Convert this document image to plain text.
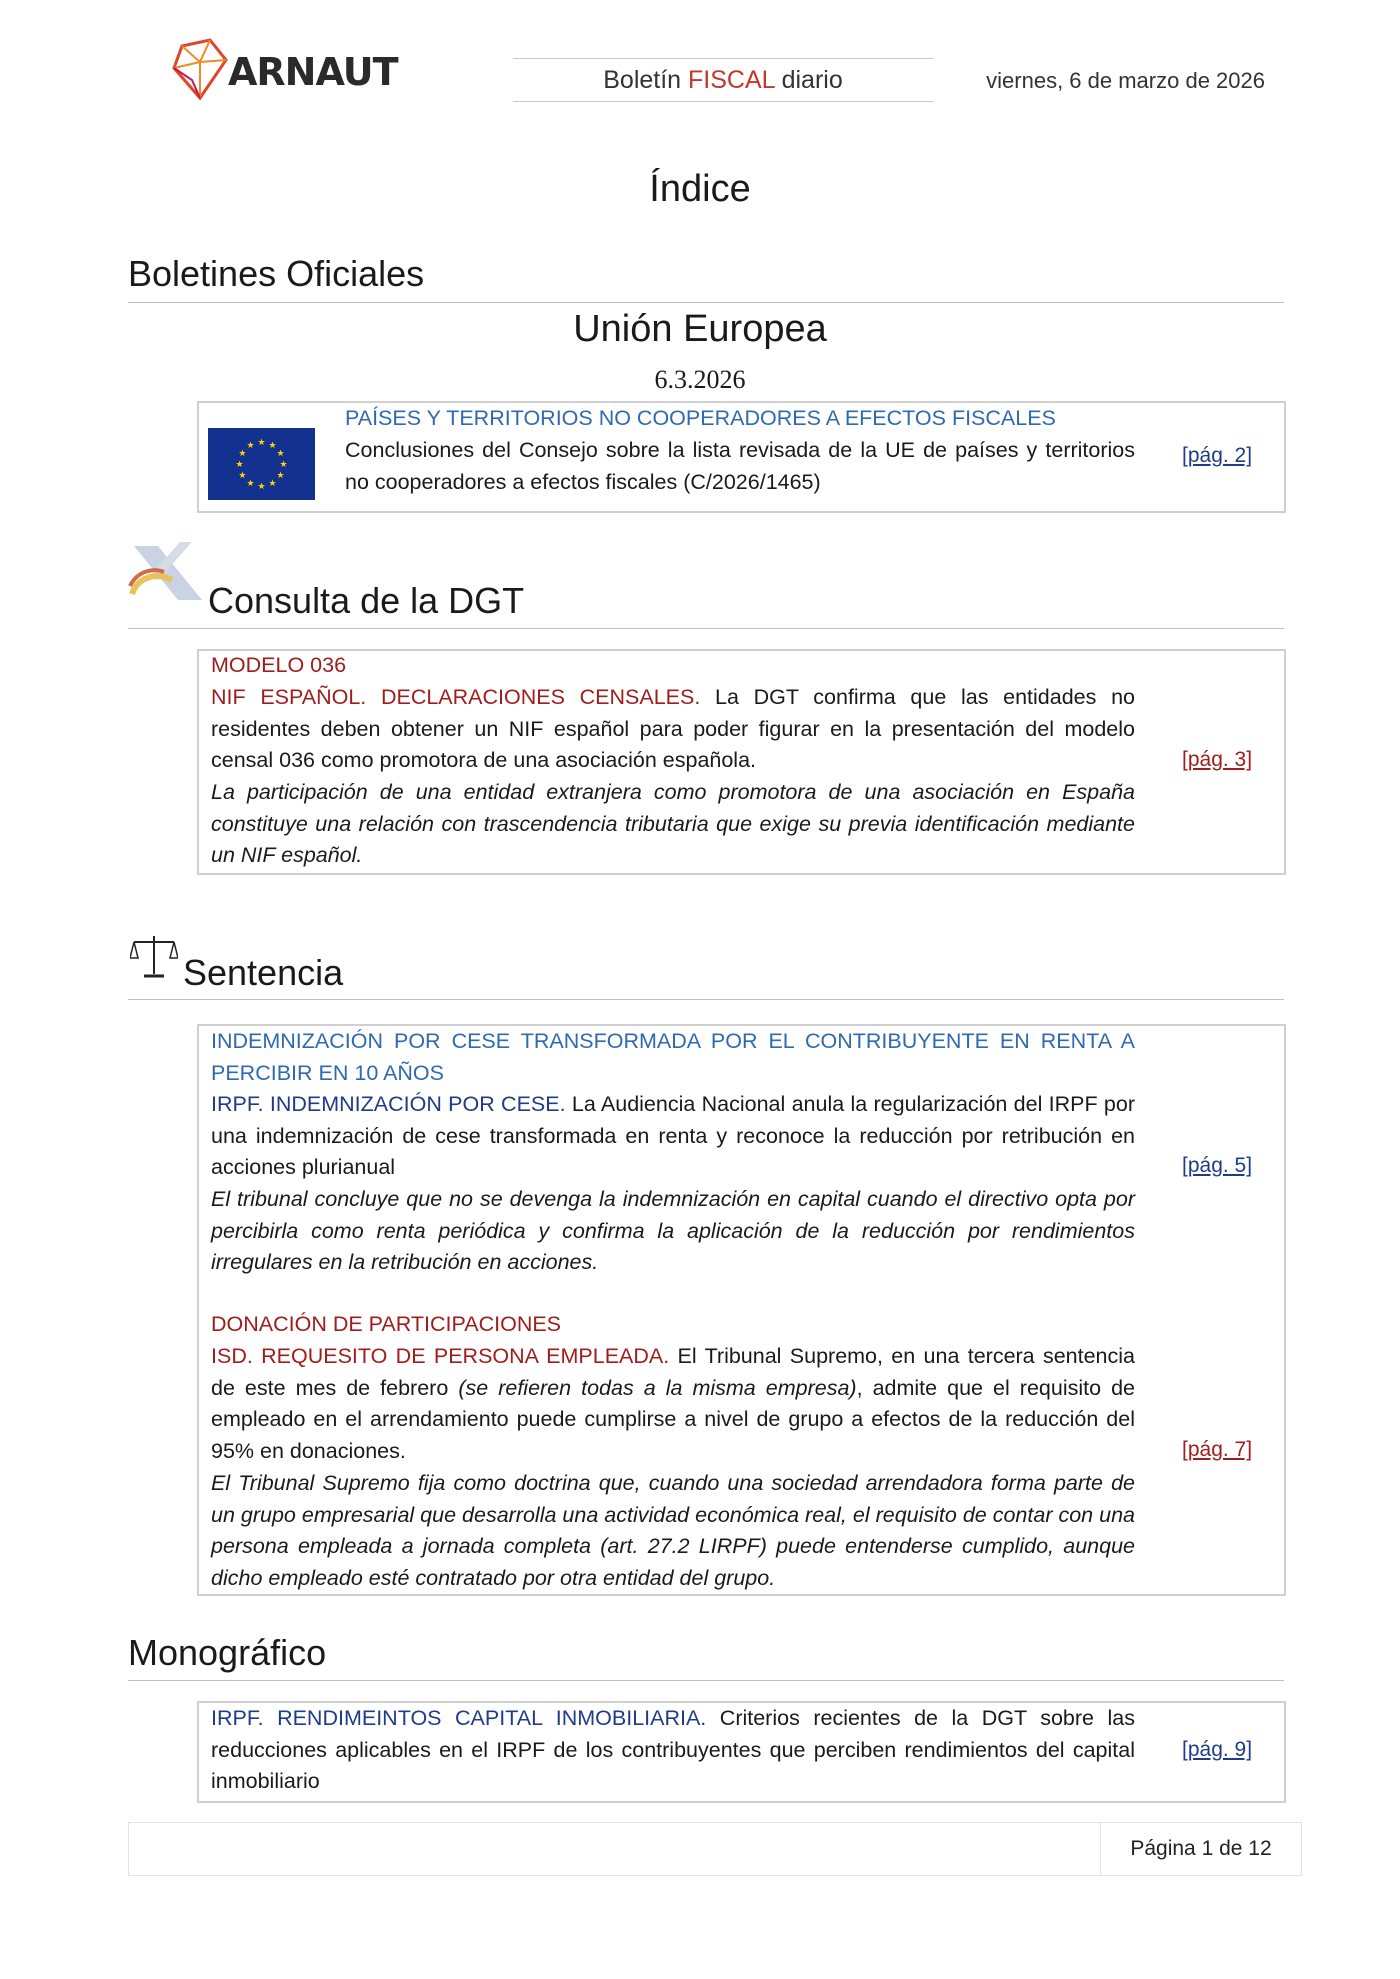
ARNAUT	Boletín FISCAL diario	viernes, 6 de marzo de 2026
Índice
Boletines Oficiales
Unión Europea
6.3.2026
★
★
★
★
★
★
★
★
★ ★ ★
★
PAÍSES Y TERRITORIOS NO COOPERADORES A EFECTOS FISCALES
Conclusiones del Consejo sobre la lista revisada de la UE de países y territorios no cooperadores a efectos fiscales (C/2026/1465)
[pág. 2]
Consulta de la DGT
MODELO 036
NIF ESPAÑOL. DECLARACIONES CENSALES. La DGT confirma que las entidades no residentes deben obtener un NIF español para poder figurar en la presentación del modelo censal 036 como promotora de una asociación española.
La participación de una entidad extranjera como promotora de una asociación en España constituye una relación con trascendencia tributaria que exige su previa identificación mediante un NIF español.
[pág. 3]
Sentencia
INDEMNIZACIÓN POR CESE TRANSFORMADA POR EL CONTRIBUYENTE EN RENTA A PERCIBIR EN 10 AÑOS
IRPF. INDEMNIZACIÓN POR CESE. La Audiencia Nacional anula la regularización del IRPF por una indemnización de cese transformada en renta y reconoce la reducción por retribución en acciones plurianual
El tribunal concluye que no se devenga la indemnización en capital cuando el directivo opta por percibirla como renta periódica y confirma la aplicación de la reducción por rendimientos irregulares en la retribución en acciones.
[pág. 5]
DONACIÓN DE PARTICIPACIONES
ISD. REQUESITO DE PERSONA EMPLEADA. El Tribunal Supremo, en una tercera sentencia de este mes de febrero (se refieren todas a la misma empresa), admite que el requisito de empleado en el arrendamiento puede cumplirse a nivel de grupo a efectos de la reducción del 95% en donaciones.
El Tribunal Supremo fija como doctrina que, cuando una sociedad arrendadora forma parte de un grupo empresarial que desarrolla una actividad económica real, el requisito de contar con una persona empleada a jornada completa (art. 27.2 LIRPF) puede entenderse cumplido, aunque dicho empleado esté contratado por otra entidad del grupo.
[pág. 7]
Monográfico
IRPF. RENDIMEINTOS CAPITAL INMOBILIARIA. Criterios recientes de la DGT sobre las reducciones aplicables en el IRPF de los contribuyentes que perciben rendimientos del capital inmobiliario
[pág. 9]
Página 1 de 12
